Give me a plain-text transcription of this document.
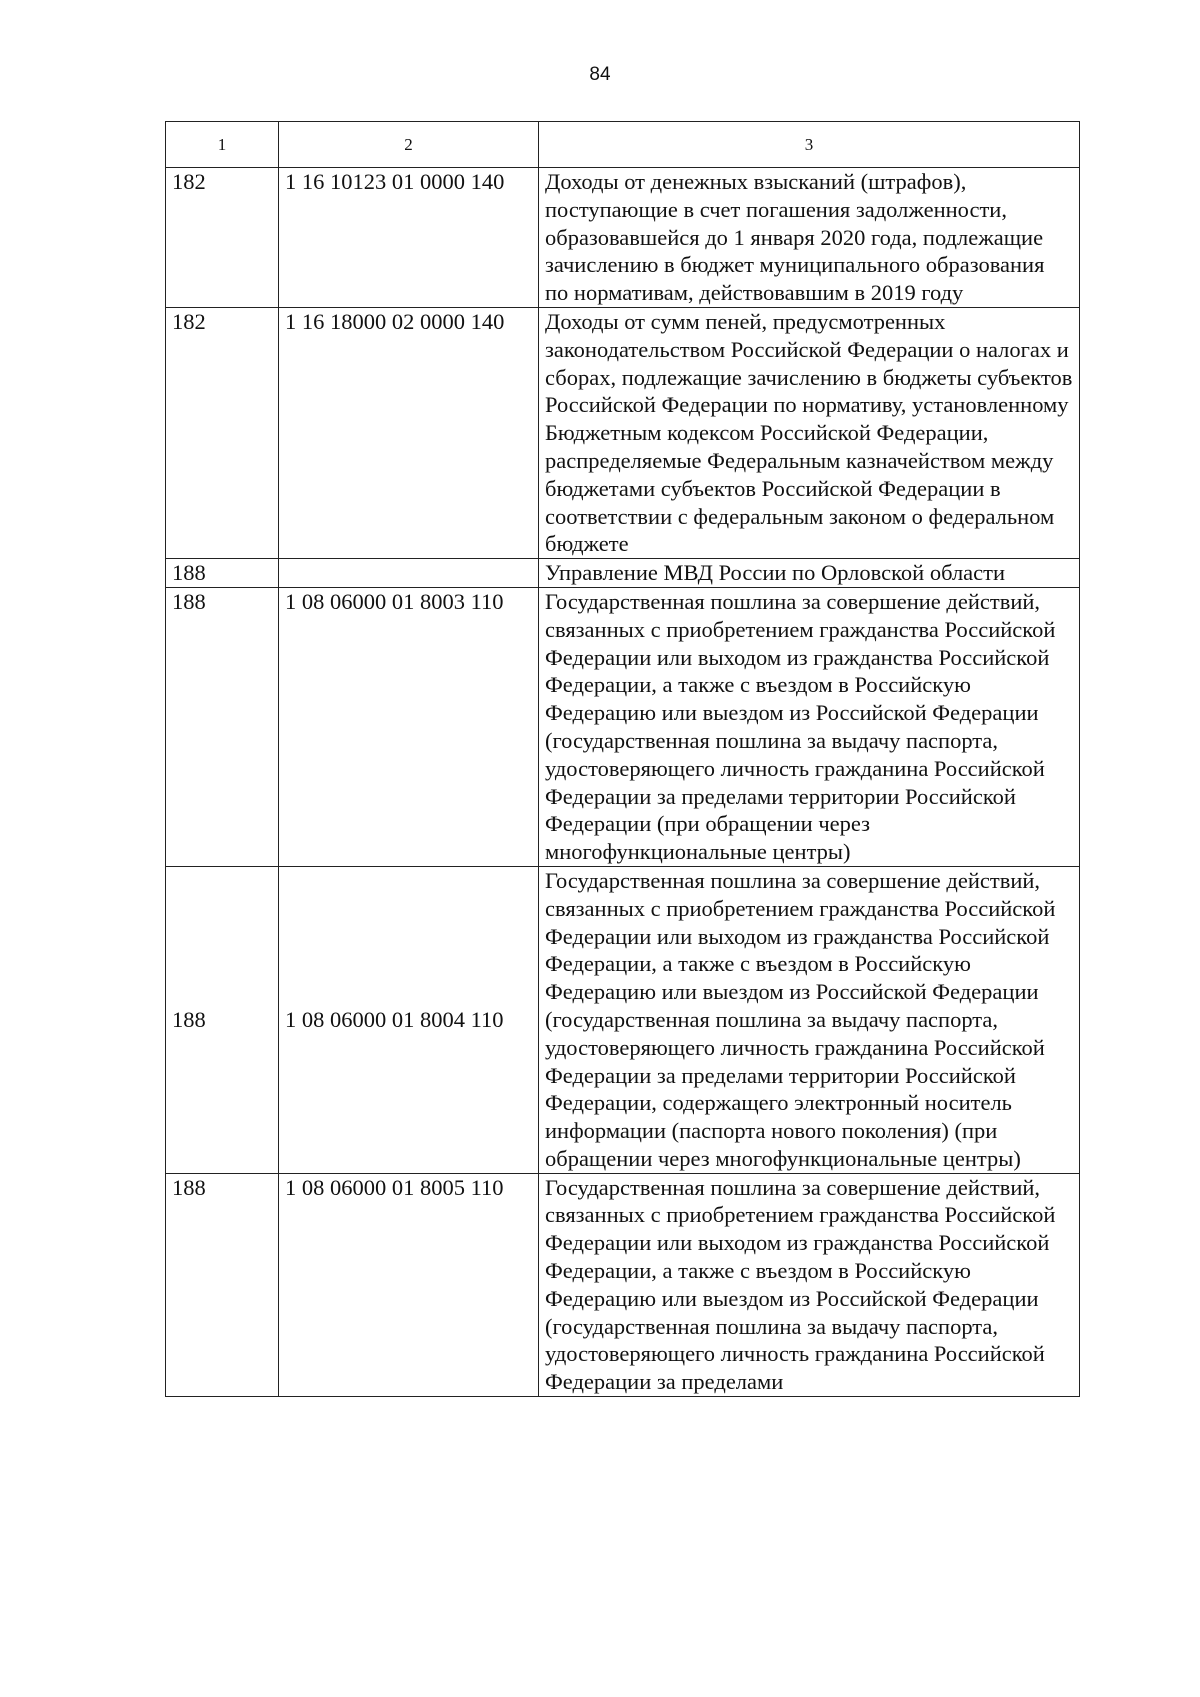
84
1	2	3
182	1 16 10123 01 0000 140	Доходы от денежных взысканий (штрафов), поступающие в счет погашения задолженности, образовавшейся до 1 января 2020 года, подлежащие зачислению в бюджет муниципального образования по нормативам, действовавшим в 2019 году
182	1 16 18000 02 0000 140	Доходы от сумм пеней, предусмотренных законодательством Российской Федерации о налогах и сборах, подлежащие зачислению в бюджеты субъектов Российской Федерации по нормативу, установленному Бюджетным кодексом Российской Федерации, распределяемые Федеральным казначейством между бюджетами субъектов Российской Федерации в соответствии с федеральным законом о федеральном бюджете
188		Управление МВД России по Орловской области
188	1 08 06000 01 8003 110	Государственная пошлина за совершение действий, связанных с приобретением гражданства Российской Федерации или выходом из гражданства Российской Федерации, а также с въездом в Российскую Федерацию или выездом из Российской Федерации (государственная пошлина за выдачу паспорта, удостоверяющего личность гражданина Российской Федерации за пределами территории Российской Федерации (при обращении через многофункциональные центры)
188	1 08 06000 01 8004 110	Государственная пошлина за совершение действий, связанных с приобретением гражданства Российской Федерации или выходом из гражданства Российской Федерации, а также с въездом в Российскую Федерацию или выездом из Российской Федерации (государственная пошлина за выдачу паспорта, удостоверяющего личность гражданина Российской Федерации за пределами территории Российской Федерации, содержащего электронный носитель информации (паспорта нового поколения) (при обращении через многофункциональные центры)
188	1 08 06000 01 8005 110	Государственная пошлина за совершение действий, связанных с приобретением гражданства Российской Федерации или выходом из гражданства Российской Федерации, а также с въездом в Российскую Федерацию или выездом из Российской Федерации (государственная пошлина за выдачу паспорта, удостоверяющего личность гражданина Российской Федерации за пределами
